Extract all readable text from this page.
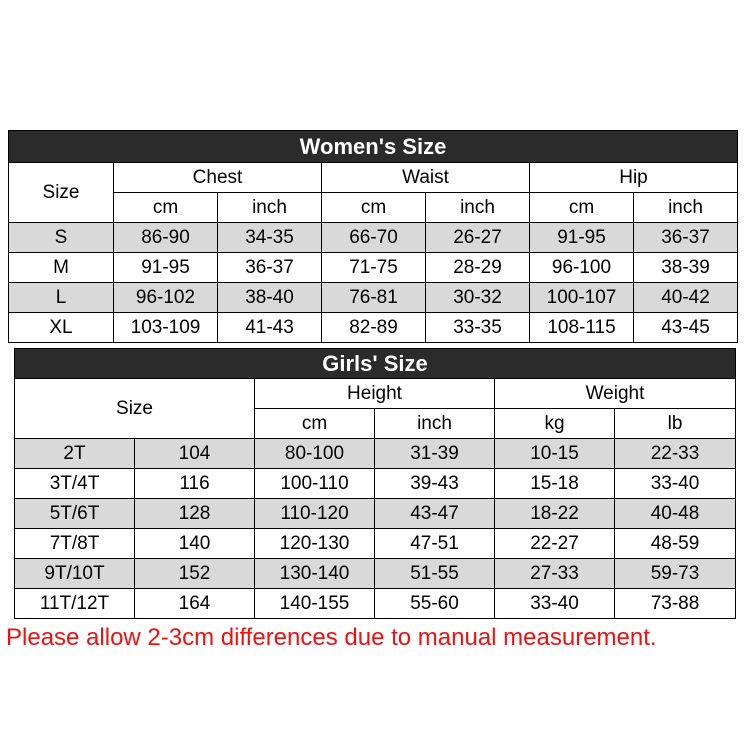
Women's Size						
Size	Chest		Waist		Hip	
	cm	inch	cm	inch	cm	inch
S	86-90	34-35	66-70	26-27	91-95	36-37
M	91-95	36-37	71-75	28-29	96-100	38-39
L	96-102	38-40	76-81	30-32	100-107	40-42
XL	103-109	41-43	82-89	33-35	108-115	43-45
Girls' Size					
Size		Height		Weight	
		cm	inch	kg	lb
2T	104	80-100	31-39	10-15	22-33
3T/4T	116	100-110	39-43	15-18	33-40
5T/6T	128	110-120	43-47	18-22	40-48
7T/8T	140	120-130	47-51	22-27	48-59
9T/10T	152	130-140	51-55	27-33	59-73
11T/12T	164	140-155	55-60	33-40	73-88
Please allow 2-3cm differences due to manual measurement.
